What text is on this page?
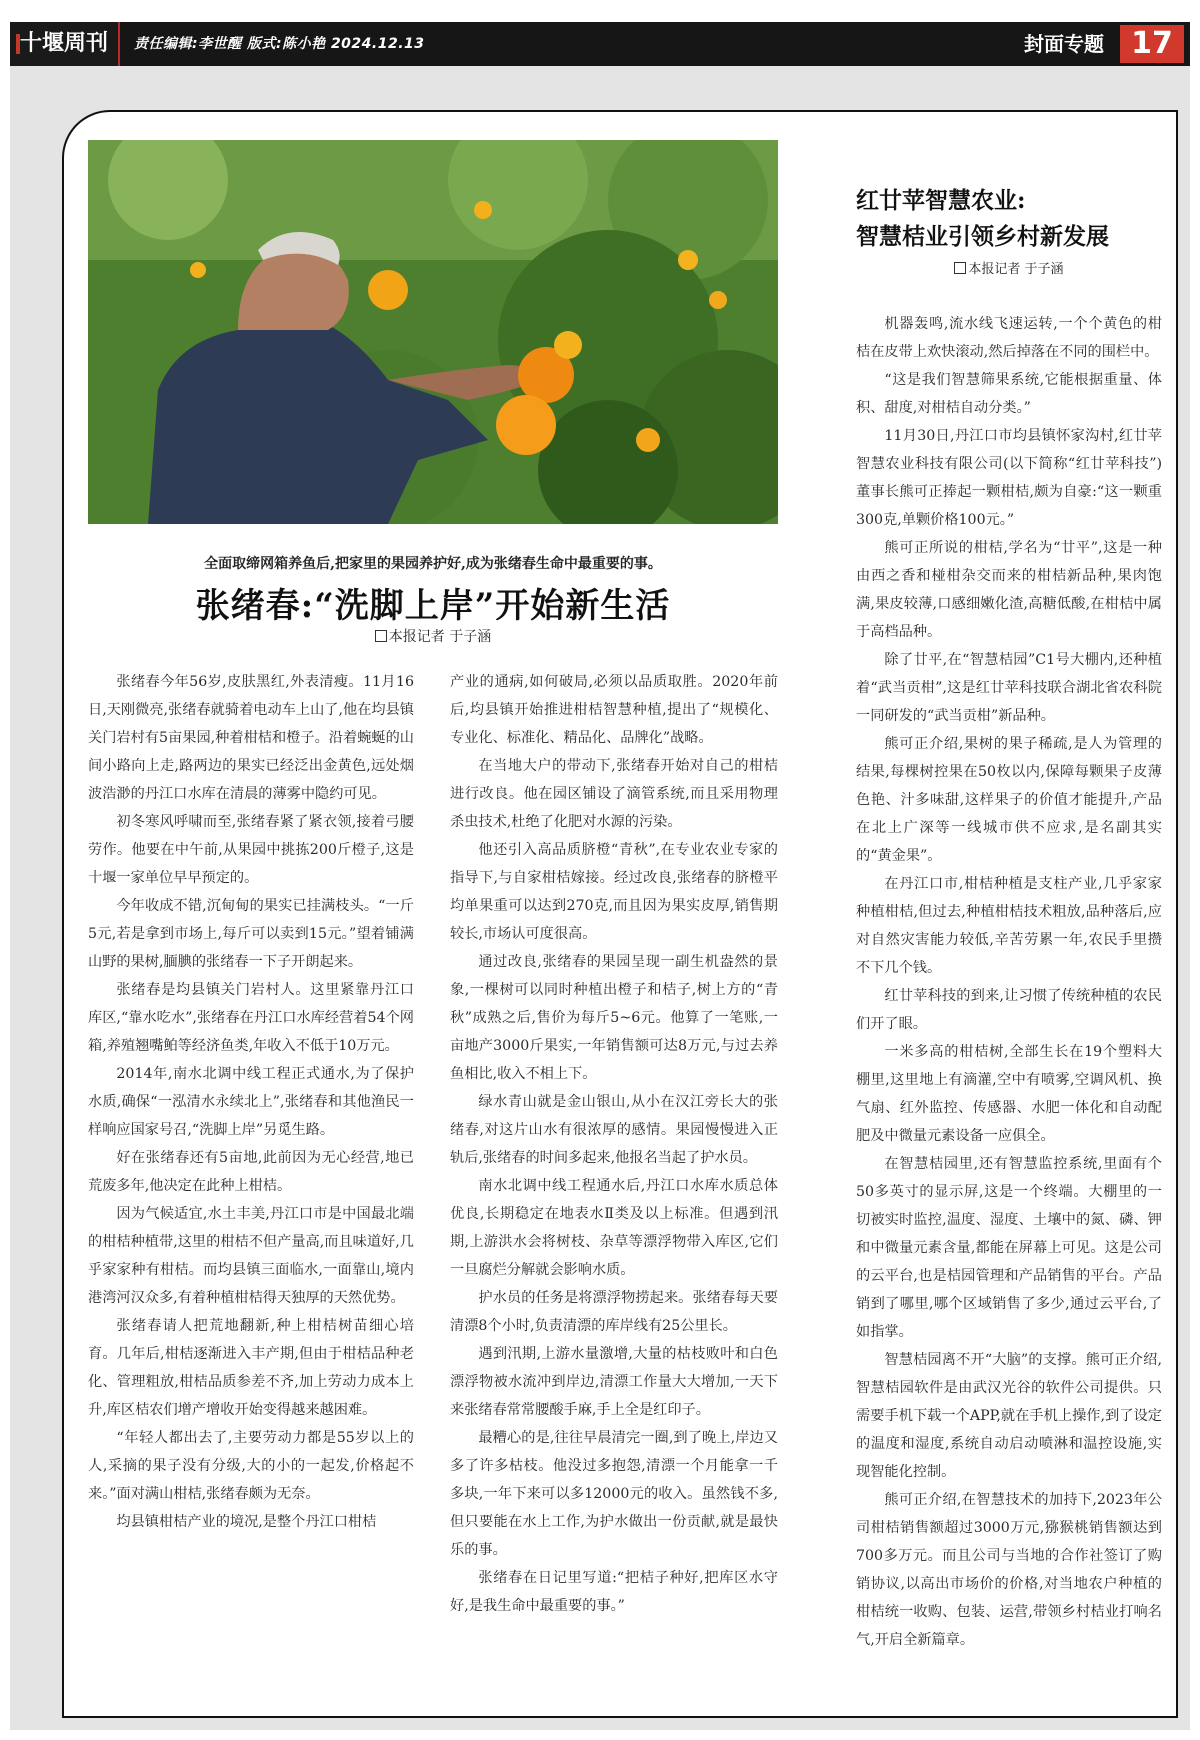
十堰周刊	责任编辑:李世醒 版式:陈小艳 2024.12.13	封面专题 17
全面取缔网箱养鱼后,把家里的果园养护好,成为张绪春生命中最重要的事。
张绪春:“洗脚上岸”开始新生活
本报记者 于子涵

张绪春今年56岁,皮肤黑红,外表清瘦。11月16日,天刚微亮,张绪春就骑着电动车上山了,他在均县镇关门岩村有5亩果园,种着柑桔和橙子。沿着蜿蜒的山间小路向上走,路两边的果实已经泛出金黄色,远处烟波浩渺的丹江口水库在清晨的薄雾中隐约可见。

初冬寒风呼啸而至,张绪春紧了紧衣领,接着弓腰劳作。他要在中午前,从果园中挑拣200斤橙子,这是十堰一家单位早早预定的。

今年收成不错,沉甸甸的果实已挂满枝头。“一斤5元,若是拿到市场上,每斤可以卖到15元。”望着铺满山野的果树,腼腆的张绪春一下子开朗起来。

张绪春是均县镇关门岩村人。这里紧靠丹江口库区,“靠水吃水”,张绪春在丹江口水库经营着54个网箱,养殖翘嘴鲌等经济鱼类,年收入不低于10万元。

2014年,南水北调中线工程正式通水,为了保护水质,确保“一泓清水永续北上”,张绪春和其他渔民一样响应国家号召,“洗脚上岸”另觅生路。

好在张绪春还有5亩地,此前因为无心经营,地已荒废多年,他决定在此种上柑桔。

因为气候适宜,水土丰美,丹江口市是中国最北端的柑桔种植带,这里的柑桔不但产量高,而且味道好,几乎家家种有柑桔。而均县镇三面临水,一面靠山,境内港湾河汉众多,有着种植柑桔得天独厚的天然优势。

张绪春请人把荒地翻新,种上柑桔树苗细心培育。几年后,柑桔逐渐进入丰产期,但由于柑桔品种老化、管理粗放,柑桔品质参差不齐,加上劳动力成本上升,库区桔农们增产增收开始变得越来越困难。

“年轻人都出去了,主要劳动力都是55岁以上的人,采摘的果子没有分级,大的小的一起发,价格起不来。”面对满山柑桔,张绪春颇为无奈。

均县镇柑桔产业的境况,是整个丹江口柑桔

产业的通病,如何破局,必须以品质取胜。2020年前后,均县镇开始推进柑桔智慧种植,提出了“规模化、专业化、标准化、精品化、品牌化”战略。

在当地大户的带动下,张绪春开始对自己的柑桔进行改良。他在园区铺设了滴管系统,而且采用物理杀虫技术,杜绝了化肥对水源的污染。

他还引入高品质脐橙“青秋”,在专业农业专家的指导下,与自家柑桔嫁接。经过改良,张绪春的脐橙平均单果重可以达到270克,而且因为果实皮厚,销售期较长,市场认可度很高。

通过改良,张绪春的果园呈现一副生机盎然的景象,一棵树可以同时种植出橙子和桔子,树上方的“青秋”成熟之后,售价为每斤5~6元。他算了一笔账,一亩地产3000斤果实,一年销售额可达8万元,与过去养鱼相比,收入不相上下。

绿水青山就是金山银山,从小在汉江旁长大的张绪春,对这片山水有很浓厚的感情。果园慢慢进入正轨后,张绪春的时间多起来,他报名当起了护水员。

南水北调中线工程通水后,丹江口水库水质总体优良,长期稳定在地表水Ⅱ类及以上标准。但遇到汛期,上游洪水会将树枝、杂草等漂浮物带入库区,它们一旦腐烂分解就会影响水质。

护水员的任务是将漂浮物捞起来。张绪春每天要清漂8个小时,负责清漂的库岸线有25公里长。

遇到汛期,上游水量激增,大量的枯枝败叶和白色漂浮物被水流冲到岸边,清漂工作量大大增加,一天下来张绪春常常腰酸手麻,手上全是红印子。

最糟心的是,往往早晨清完一圈,到了晚上,岸边又多了许多枯枝。他没过多抱怨,清漂一个月能拿一千多块,一年下来可以多12000元的收入。虽然钱不多,但只要能在水上工作,为护水做出一份贡献,就是最快乐的事。

张绪春在日记里写道:“把桔子种好,把库区水守好,是我生命中最重要的事。”

红廿苹智慧农业:
智慧桔业引领乡村新发展
本报记者 于子涵

机器轰鸣,流水线飞速运转,一个个黄色的柑桔在皮带上欢快滚动,然后掉落在不同的围栏中。

“这是我们智慧筛果系统,它能根据重量、体积、甜度,对柑桔自动分类。”

11月30日,丹江口市均县镇怀家沟村,红廿苹智慧农业科技有限公司(以下简称“红廿苹科技”)董事长熊可正捧起一颗柑桔,颇为自豪:“这一颗重300克,单颗价格100元。”

熊可正所说的柑桔,学名为“廿平”,这是一种由西之香和椪柑杂交而来的柑桔新品种,果肉饱满,果皮较薄,口感细嫩化渣,高糖低酸,在柑桔中属于高档品种。

除了廿平,在“智慧桔园”C1号大棚内,还种植着“武当贡柑”,这是红廿苹科技联合湖北省农科院一同研发的“武当贡柑”新品种。

熊可正介绍,果树的果子稀疏,是人为管理的结果,每棵树控果在50枚以内,保障每颗果子皮薄色艳、汁多味甜,这样果子的价值才能提升,产品在北上广深等一线城市供不应求,是名副其实的“黄金果”。

在丹江口市,柑桔种植是支柱产业,几乎家家种植柑桔,但过去,种植柑桔技术粗放,品种落后,应对自然灾害能力较低,辛苦劳累一年,农民手里攒不下几个钱。

红廿苹科技的到来,让习惯了传统种植的农民们开了眼。

一米多高的柑桔树,全部生长在19个塑料大棚里,这里地上有滴灌,空中有喷雾,空调风机、换气扇、红外监控、传感器、水肥一体化和自动配肥及中微量元素设备一应俱全。

在智慧桔园里,还有智慧监控系统,里面有个50多英寸的显示屏,这是一个终端。大棚里的一切被实时监控,温度、湿度、土壤中的氮、磷、钾和中微量元素含量,都能在屏幕上可见。这是公司的云平台,也是桔园管理和产品销售的平台。产品销到了哪里,哪个区域销售了多少,通过云平台,了如指掌。

智慧桔园离不开“大脑”的支撑。熊可正介绍,智慧桔园软件是由武汉光谷的软件公司提供。只需要手机下载一个APP,就在手机上操作,到了设定的温度和湿度,系统自动启动喷淋和温控设施,实现智能化控制。

熊可正介绍,在智慧技术的加持下,2023年公司柑桔销售额超过3000万元,猕猴桃销售额达到700多万元。而且公司与当地的合作社签订了购销协议,以高出市场价的价格,对当地农户种植的柑桔统一收购、包装、运营,带领乡村桔业打响名气,开启全新篇章。
